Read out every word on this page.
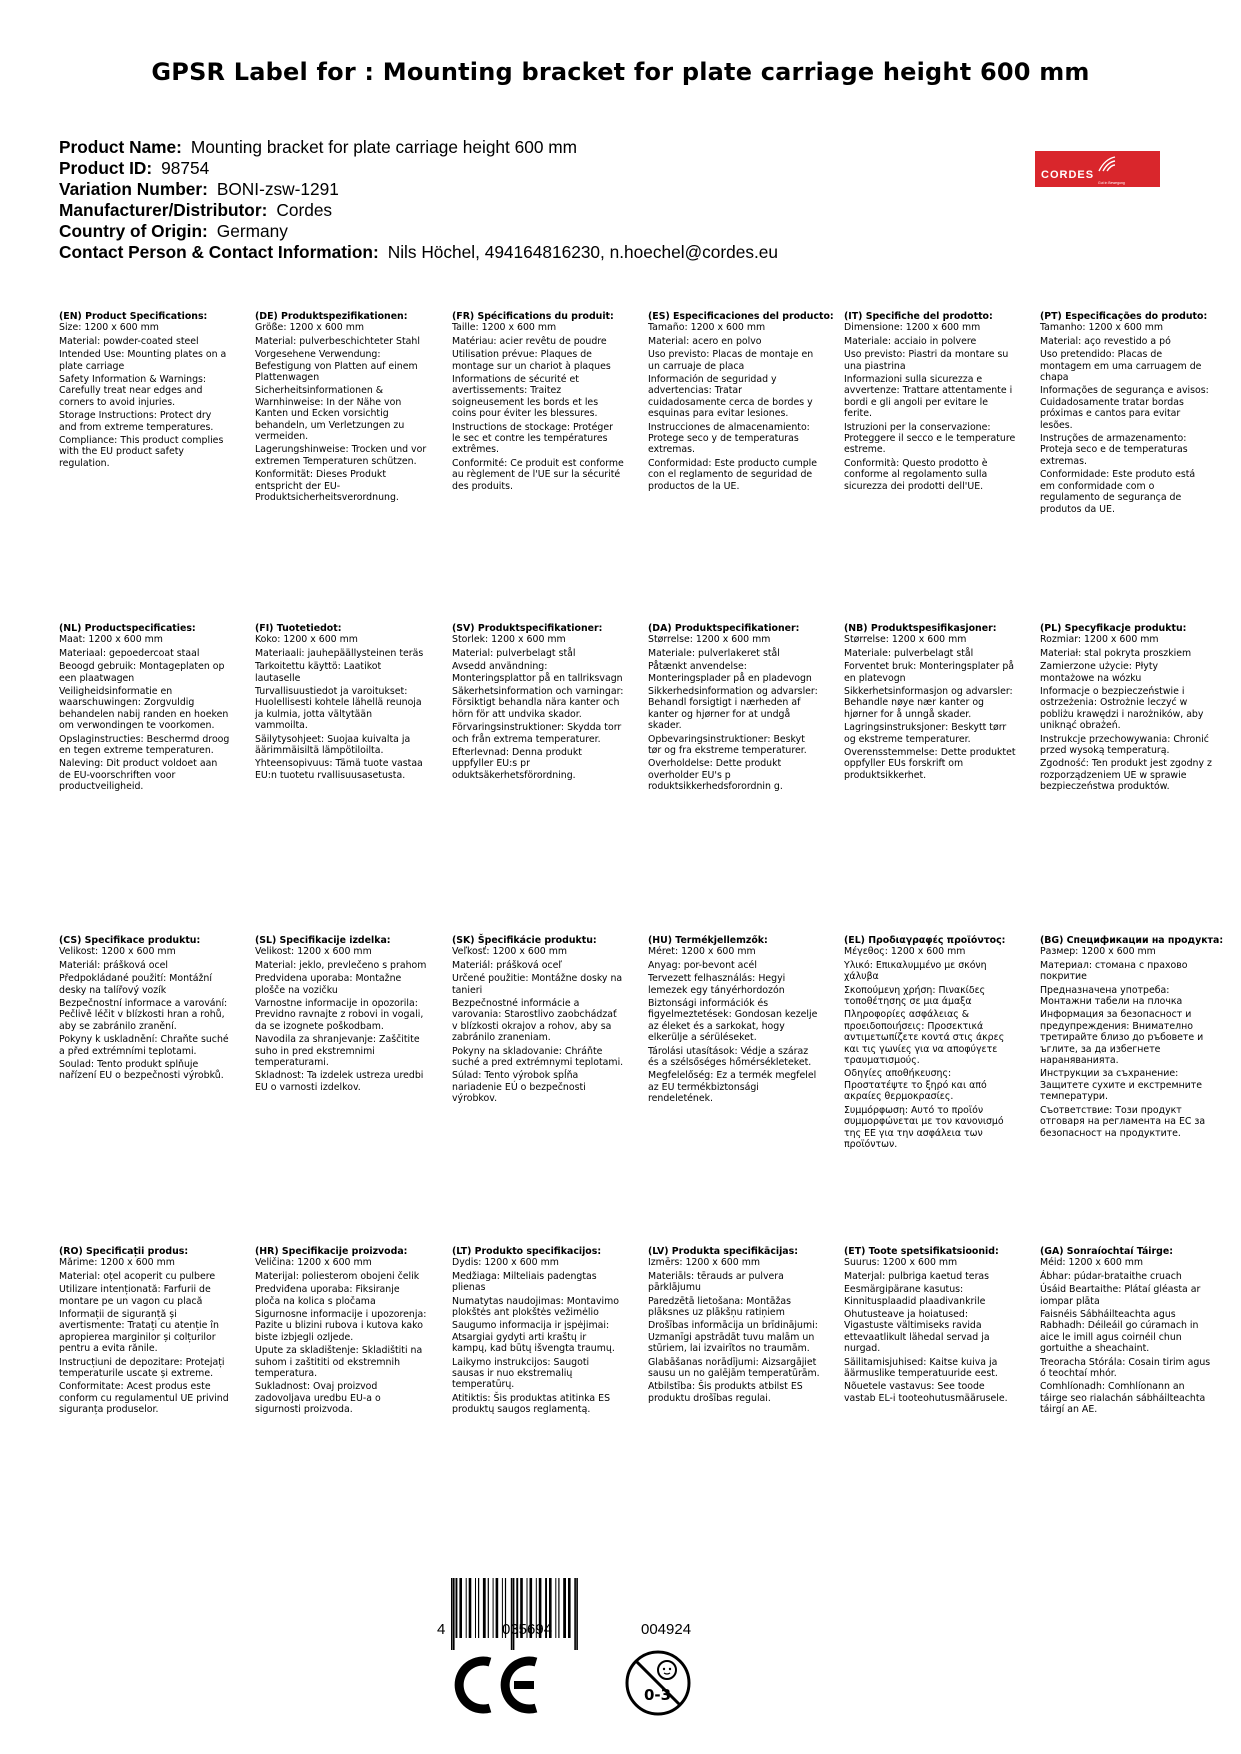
GPSR Label for : Mounting bracket for plate carriage height 600 mm
Product Name: Mounting bracket for plate carriage height 600 mm
Product ID: 98754
Variation Number: BONI-zsw-1291
Manufacturer/Distributor: Cordes
Country of Origin: Germany
Contact Person & Contact Information: Nils Höchel, 494164816230, n.hoechel@cordes.eu
CORDES
Gut in Bewegung
(EN) Product Specifications:
Size: 1200 x 600 mm
Material: powder-coated steel
Intended Use: Mounting plates on a plate carriage
Safety Information & Warnings: Carefully treat near edges and corners to avoid injuries.
Storage Instructions: Protect dry and from extreme temperatures.
Compliance: This product complies with the EU product safety regulation.
(DE) Produktspezifikationen:
Größe: 1200 x 600 mm
Material: pulverbeschichteter Stahl
Vorgesehene Verwendung: Befestigung von Platten auf einem Plattenwagen
Sicherheitsinformationen & Warnhinweise: In der Nähe von Kanten und Ecken vorsichtig behandeln, um Verletzungen zu vermeiden.
Lagerungshinweise: Trocken und vor extremen Temperaturen schützen.
Konformität: Dieses Produkt entspricht der EU-Produktsicherheitsverordnung.
(FR) Spécifications du produit:
Taille: 1200 x 600 mm
Matériau: acier revêtu de poudre
Utilisation prévue: Plaques de montage sur un chariot à plaques
Informations de sécurité et avertissements: Traitez soigneusement les bords et les coins pour éviter les blessures.
Instructions de stockage: Protéger le sec et contre les températures extrêmes.
Conformité: Ce produit est conforme au règlement de l'UE sur la sécurité des produits.
(ES) Especificaciones del producto:
Tamaño: 1200 x 600 mm
Material: acero en polvo
Uso previsto: Placas de montaje en un carruaje de placa
Información de seguridad y advertencias: Tratar cuidadosamente cerca de bordes y esquinas para evitar lesiones.
Instrucciones de almacenamiento: Protege seco y de temperaturas extremas.
Conformidad: Este producto cumple con el reglamento de seguridad de productos de la UE.
(IT) Specifiche del prodotto:
Dimensione: 1200 x 600 mm
Materiale: acciaio in polvere
Uso previsto: Piastri da montare su una piastrina
Informazioni sulla sicurezza e avvertenze: Trattare attentamente i bordi e gli angoli per evitare le ferite.
Istruzioni per la conservazione: Proteggere il secco e le temperature estreme.
Conformità: Questo prodotto è conforme al regolamento sulla sicurezza dei prodotti dell'UE.
(PT) Especificações do produto:
Tamanho: 1200 x 600 mm
Material: aço revestido a pó
Uso pretendido: Placas de montagem em uma carruagem de chapa
Informações de segurança e avisos: Cuidadosamente tratar bordas próximas e cantos para evitar lesões.
Instruções de armazenamento: Proteja seco e de temperaturas extremas.
Conformidade: Este produto está em conformidade com o regulamento de segurança de produtos da UE.
(NL) Productspecificaties:
Maat: 1200 x 600 mm
Materiaal: gepoedercoat staal
Beoogd gebruik: Montageplaten op een plaatwagen
Veiligheidsinformatie en waarschuwingen: Zorgvuldig behandelen nabij randen en hoeken om verwondingen te voorkomen.
Opslaginstructies: Beschermd droog en tegen extreme temperaturen.
Naleving: Dit product voldoet aan de EU-voorschriften voor productveiligheid.
(FI) Tuotetiedot:
Koko: 1200 x 600 mm
Materiaali: jauhepäällysteinen teräs
Tarkoitettu käyttö: Laatikot lautaselle
Turvallisuustiedot ja varoitukset: Huolellisesti kohtele lähellä reunoja ja kulmia, jotta vältytään vammoilta.
Säilytysohjeet: Suojaa kuivalta ja äärimmäisiltä lämpötiloilta.
Yhteensopivuus: Tämä tuote vastaa EU:n tuotetu rvallisuusasetusta.
(SV) Produktspecifikationer:
Storlek: 1200 x 600 mm
Material: pulverbelagt stål
Avsedd användning: Monteringsplattor på en tallriksvagn
Säkerhetsinformation och varningar: Försiktigt behandla nära kanter och hörn för att undvika skador.
Förvaringsinstruktioner: Skydda torr och från extrema temperaturer.
Efterlevnad: Denna produkt uppfyller EU:s pr oduktsäkerhetsförordning.
(DA) Produktspecifikationer:
Størrelse: 1200 x 600 mm
Materiale: pulverlakeret stål
Påtænkt anvendelse: Monteringsplader på en pladevogn
Sikkerhedsinformation og advarsler: Behandl forsigtigt i nærheden af kanter og hjørner for at undgå skader.
Opbevaringsinstruktioner: Beskyt tør og fra ekstreme temperaturer.
Overholdelse: Dette produkt overholder EU's p roduktsikkerhedsforordnin g.
(NB) Produktspesifikasjoner:
Størrelse: 1200 x 600 mm
Materiale: pulverbelagt stål
Forventet bruk: Monteringsplater på en platevogn
Sikkerhetsinformasjon og advarsler: Behandle nøye nær kanter og hjørner for å unngå skader.
Lagringsinstruksjoner: Beskytt tørr og ekstreme temperaturer.
Overensstemmelse: Dette produktet oppfyller EUs forskrift om produktsikkerhet.
(PL) Specyfikacje produktu:
Rozmiar: 1200 x 600 mm
Materiał: stal pokryta proszkiem
Zamierzone użycie: Płyty montażowe na wózku
Informacje o bezpieczeństwie i ostrzeżenia: Ostrożnie leczyć w pobliżu krawędzi i narożników, aby uniknąć obrażeń.
Instrukcje przechowywania: Chronić przed wysoką temperaturą.
Zgodność: Ten produkt jest zgodny z rozporządzeniem UE w sprawie bezpieczeństwa produktów.
(CS) Specifikace produktu:
Velikost: 1200 x 600 mm
Materiál: prášková ocel
Předpokládané použití: Montážní desky na talířový vozík
Bezpečnostní informace a varování: Pečlivě léčit v blízkosti hran a rohů, aby se zabránilo zranění.
Pokyny k uskladnění: Chraňte suché a před extrémními teplotami.
Soulad: Tento produkt splňuje nařízení EU o bezpečnosti výrobků.
(SL) Specifikacije izdelka:
Velikost: 1200 x 600 mm
Material: jeklo, prevlečeno s prahom
Predvidena uporaba: Montažne plošče na vozičku
Varnostne informacije in opozorila: Previdno ravnajte z robovi in vogali, da se izognete poškodbam.
Navodila za shranjevanje: Zaščitite suho in pred ekstremnimi temperaturami.
Skladnost: Ta izdelek ustreza uredbi EU o varnosti izdelkov.
(SK) Špecifikácie produktu:
Veľkosť: 1200 x 600 mm
Materiál: prášková oceľ
Určené použitie: Montážne dosky na tanieri
Bezpečnostné informácie a varovania: Starostlivo zaobchádzať v blízkosti okrajov a rohov, aby sa zabránilo zraneniam.
Pokyny na skladovanie: Chráňte suché a pred extrémnymi teplotami.
Súlad: Tento výrobok spĺňa nariadenie EÚ o bezpečnosti výrobkov.
(HU) Termékjellemzők:
Méret: 1200 x 600 mm
Anyag: por-bevont acél
Tervezett felhasználás: Hegyi lemezek egy tányérhordozón
Biztonsági információk és figyelmeztetések: Gondosan kezelje az éleket és a sarkokat, hogy elkerülje a sérüléseket.
Tárolási utasítások: Védje a száraz és a szélsőséges hőmérsékleteket.
Megfelelőség: Ez a termék megfelel az EU termékbiztonsági rendeletének.
(EL) Προδιαγραφές προϊόντος:
Μέγεθος: 1200 x 600 mm
Υλικό: Επικαλυμμένο με σκόνη χάλυβα
Σκοπούμενη χρήση: Πινακίδες τοποθέτησης σε μια άμαξα
Πληροφορίες ασφάλειας & προειδοποιήσεις: Προσεκτικά αντιμετωπίζετε κοντά στις άκρες και τις γωνίες για να αποφύγετε τραυματισμούς.
Οδηγίες αποθήκευσης: Προστατέψτε το ξηρό και από ακραίες θερμοκρασίες.
Συμμόρφωση: Αυτό το προϊόν συμμορφώνεται με τον κανονισμό της ΕΕ για την ασφάλεια των προϊόντων.
(BG) Спецификации на продукта:
Размер: 1200 x 600 mm
Материал: стомана с прахово покритие
Предназначена употреба: Монтажни табели на плочка
Информация за безопасност и предупреждения: Внимателно третирайте близо до ръбовете и ъглите, за да избегнете нараняванията.
Инструкции за съхранение: Защитете сухите и екстремните температури.
Съответствие: Този продукт отговаря на регламента на ЕС за безопасност на продуктите.
(RO) Specificații produs:
Mărime: 1200 x 600 mm
Material: oțel acoperit cu pulbere
Utilizare intenționată: Farfurii de montare pe un vagon cu placă
Informații de siguranță și avertismente: Tratați cu atenție în apropierea marginilor și colțurilor pentru a evita rănile.
Instrucțiuni de depozitare: Protejați temperaturile uscate și extreme.
Conformitate: Acest produs este conform cu regulamentul UE privind siguranța produselor.
(HR) Specifikacije proizvoda:
Veličina: 1200 x 600 mm
Materijal: poliesterom obojeni čelik
Predviđena uporaba: Fiksiranje ploča na kolica s pločama
Sigurnosne informacije i upozorenja: Pazite u blizini rubova i kutova kako biste izbjegli ozljede.
Upute za skladištenje: Skladištiti na suhom i zaštititi od ekstremnih temperatura.
Sukladnost: Ovaj proizvod zadovoljava uredbu EU-a o sigurnosti proizvoda.
(LT) Produkto specifikacijos:
Dydis: 1200 x 600 mm
Medžiaga: Milteliais padengtas plienas
Numatytas naudojimas: Montavimo plokštės ant plokštės vežimėlio
Saugumo informacija ir įspėjimai: Atsargiai gydyti arti kraštų ir kampų, kad būtų išvengta traumų.
Laikymo instrukcijos: Saugoti sausas ir nuo ekstremalių temperatūrų.
Atitiktis: Šis produktas atitinka ES produktų saugos reglamentą.
(LV) Produkta specifikācijas:
Izmērs: 1200 x 600 mm
Materiāls: tērauds ar pulvera pārklājumu
Paredzētā lietošana: Montāžas plāksnes uz plākšņu ratiņiem
Drošības informācija un brīdinājumi: Uzmanīgi apstrādāt tuvu malām un stūriem, lai izvairītos no traumām.
Glabāšanas norādījumi: Aizsargājiet sausu un no galējām temperatūrām.
Atbilstība: Šis produkts atbilst ES produktu drošības regulai.
(ET) Toote spetsifikatsioonid:
Suurus: 1200 x 600 mm
Materjal: pulbriga kaetud teras
Eesmärgipärane kasutus: Kinnitusplaadid plaadivankrile
Ohutusteave ja hoiatused: Vigastuste vältimiseks ravida ettevaatlikult lähedal servad ja nurgad.
Säilitamisjuhised: Kaitse kuiva ja äärmuslike temperatuuride eest.
Nõuetele vastavus: See toode vastab EL-i tooteohutusmäärusele.
(GA) Sonraíochtaí Táirge:
Méid: 1200 x 600 mm
Ábhar: púdar-brataithe cruach
Úsáid Beartaithe: Plátaí gléasta ar iompar plāta
Faisnéis Sábháilteachta agus Rabhadh: Déileáil go cúramach in aice le imill agus coirnéil chun gortuithe a sheachaint.
Treoracha Stórála: Cosain tirim agus ó teochtaí mhór.
Comhlíonadh: Comhlíonann an táirge seo rialachán sábháilteachta táirgí an AE.
4	035694	004924
0-3
